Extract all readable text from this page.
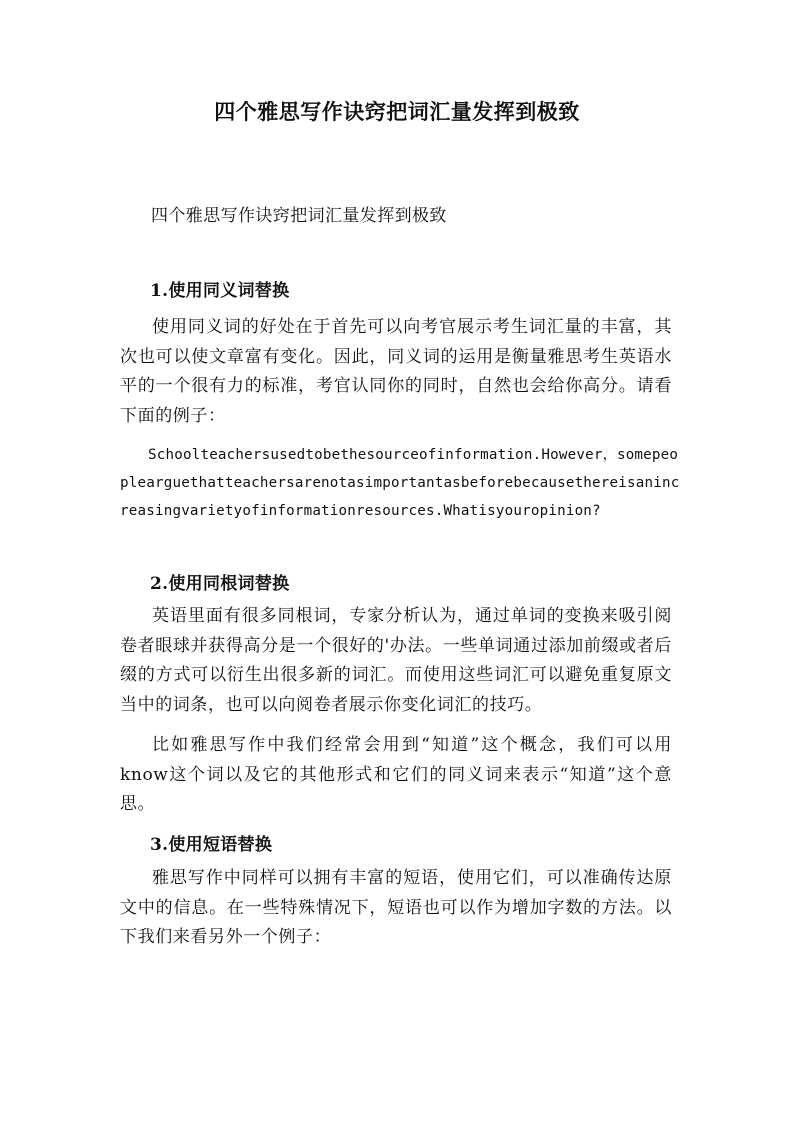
四个雅思写作诀窍把词汇量发挥到极致
四个雅思写作诀窍把词汇量发挥到极致
1.使用同义词替换

使用同义词的好处在于首先可以向考官展示考生词汇量的丰富，其次也可以使文章富有变化。因此，同义词的运用是衡量雅思考生英语水平的一个很有力的标准，考官认同你的同时，自然也会给你高分。请看下面的例子：

Schoolteachersusedtobethesourceofinformation.However，somepeoplearguethatteachersarenotasimportantasbeforebecausethereisanincreasingvarietyofinformationresources.Whatisyouropinion?

2.使用同根词替换

英语里面有很多同根词，专家分析认为，通过单词的变换来吸引阅卷者眼球并获得高分是一个很好的'办法。一些单词通过添加前缀或者后缀的方式可以衍生出很多新的词汇。而使用这些词汇可以避免重复原文当中的词条，也可以向阅卷者展示你变化词汇的技巧。

比如雅思写作中我们经常会用到“知道”这个概念，我们可以用know这个词以及它的其他形式和它们的同义词来表示“知道”这个意思。

3.使用短语替换

雅思写作中同样可以拥有丰富的短语，使用它们，可以准确传达原文中的信息。在一些特殊情况下，短语也可以作为增加字数的方法。以下我们来看另外一个例子：
